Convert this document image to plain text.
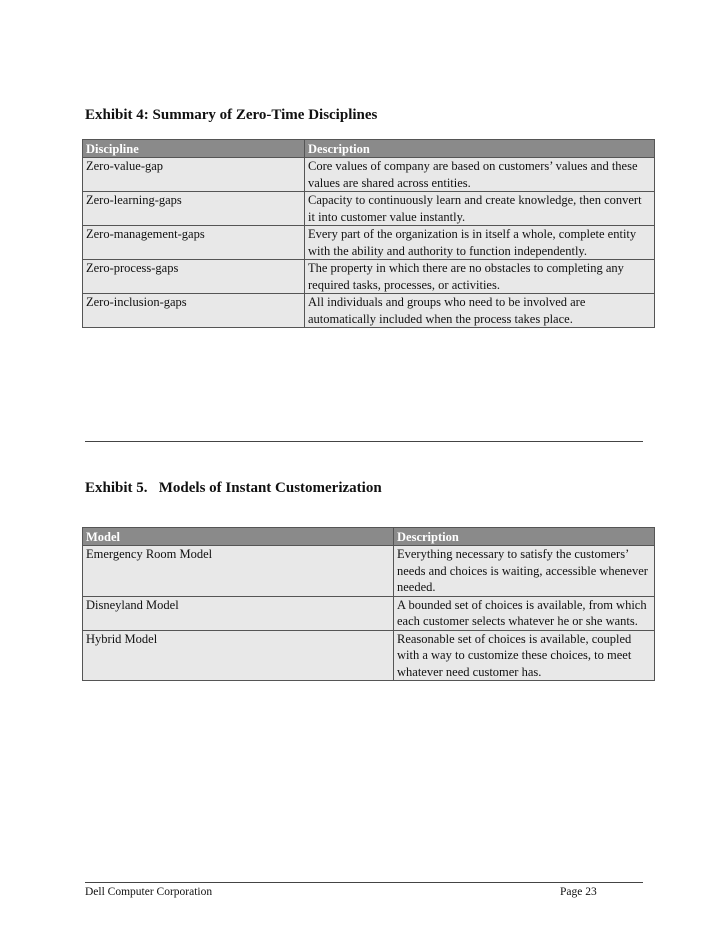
Exhibit 4: Summary of Zero-Time Disciplines
Discipline	Description
Zero-value-gap	Core values of company are based on customers’ values and these values are shared across entities.
Zero-learning-gaps	Capacity to continuously learn and create knowledge, then convert it into customer value instantly.
Zero-management-gaps	Every part of the organization is in itself a whole, complete entity with the ability and authority to function independently.
Zero-process-gaps	The property in which there are no obstacles to completing any required tasks, processes, or activities.
Zero-inclusion-gaps	All individuals and groups who need to be involved are automatically included when the process takes place.
Exhibit 5.   Models of Instant Customerization
Model	Description
Emergency Room Model	Everything necessary to satisfy the customers’ needs and choices is waiting, accessible whenever needed.
Disneyland Model	A bounded set of choices is available, from which each customer selects whatever he or she wants.
Hybrid Model	Reasonable set of choices is available, coupled with a way to customize these choices, to meet whatever need customer has.
Dell Computer Corporation	Page 23
